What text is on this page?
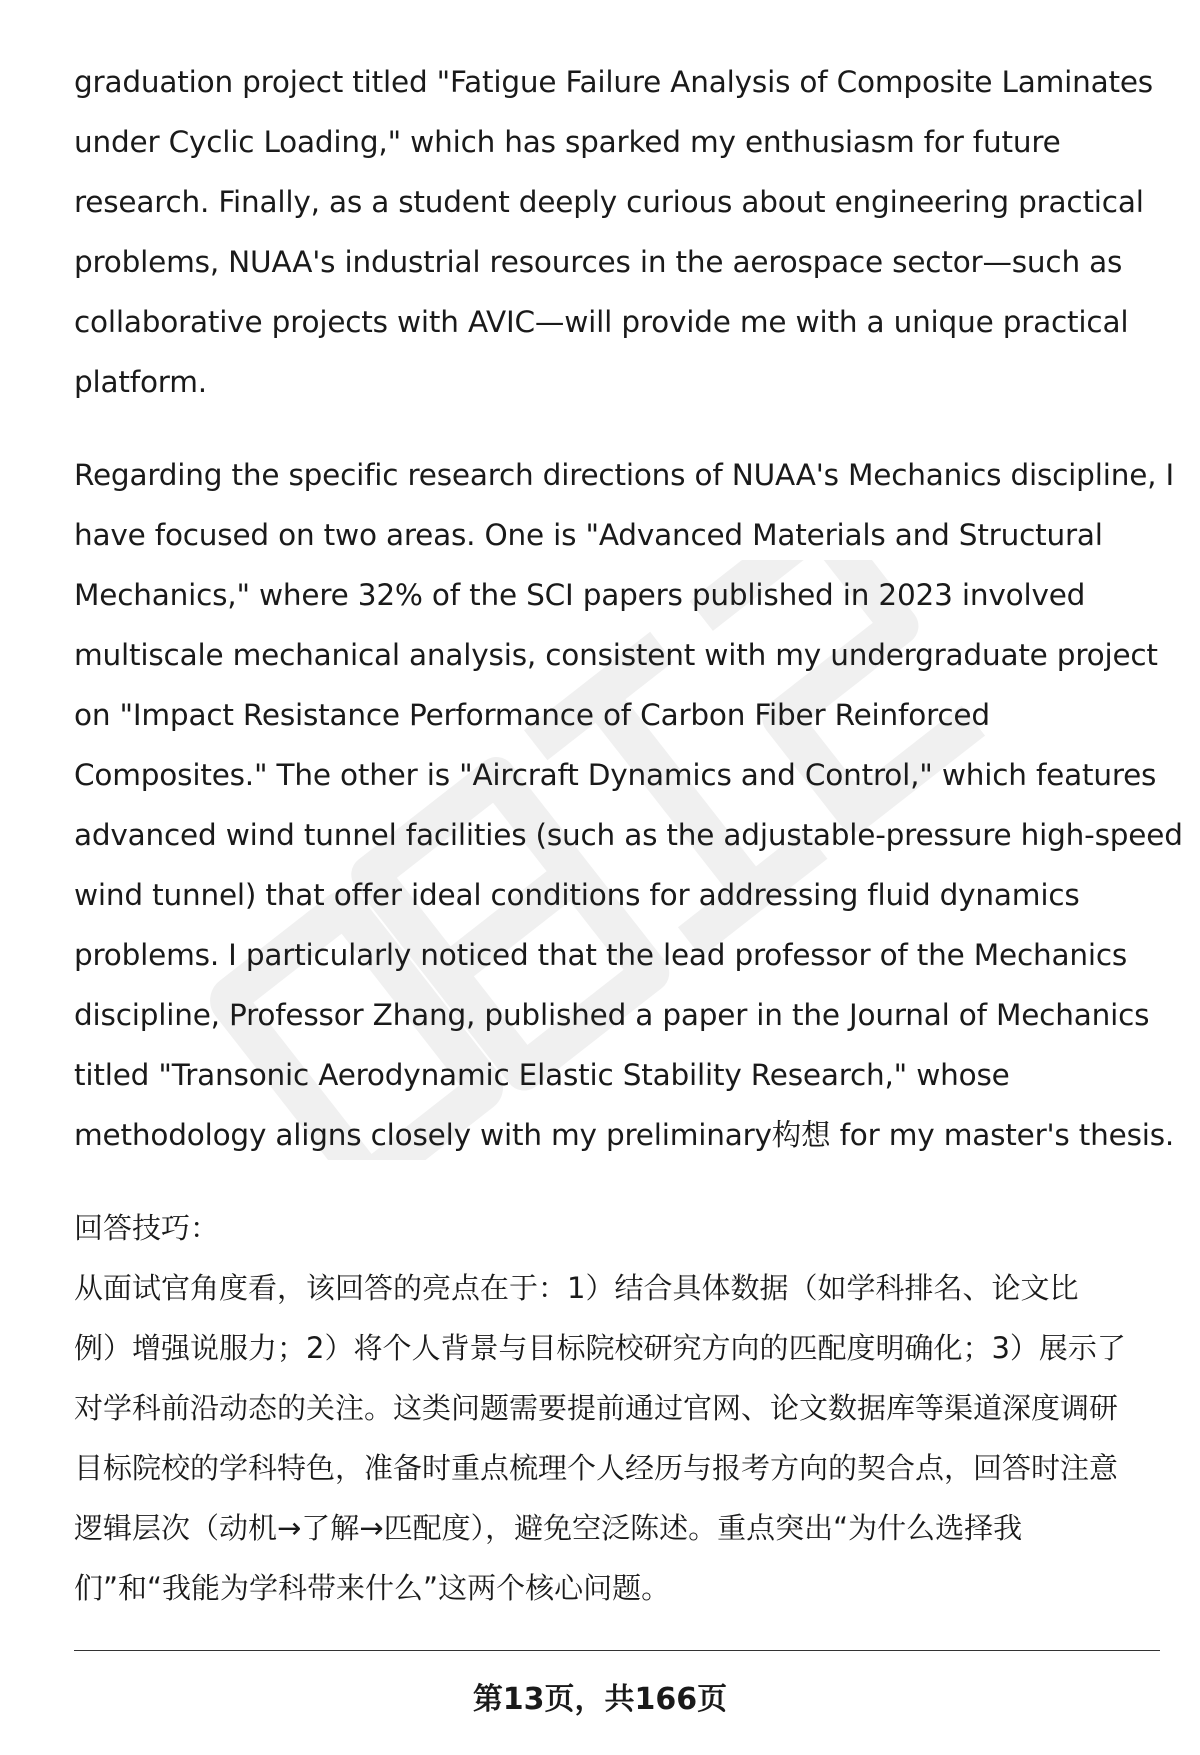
graduation project titled "Fatigue Failure Analysis of Composite Laminates
under Cyclic Loading," which has sparked my enthusiasm for future
research. Finally, as a student deeply curious about engineering practical
problems, NUAA's industrial resources in the aerospace sector—such as
collaborative projects with AVIC—will provide me with a unique practical
platform.

Regarding the specific research directions of NUAA's Mechanics discipline, I
have focused on two areas. One is "Advanced Materials and Structural
Mechanics," where 32% of the SCI papers published in 2023 involved
multiscale mechanical analysis, consistent with my undergraduate project
on "Impact Resistance Performance of Carbon Fiber Reinforced
Composites." The other is "Aircraft Dynamics and Control," which features
advanced wind tunnel facilities (such as the adjustable-pressure high-speed
wind tunnel) that offer ideal conditions for addressing fluid dynamics
problems. I particularly noticed that the lead professor of the Mechanics
discipline, Professor Zhang, published a paper in the Journal of Mechanics
titled "Transonic Aerodynamic Elastic Stability Research," whose
methodology aligns closely with my preliminary构想 for my master's thesis.

回答技巧：

从面试官角度看，该回答的亮点在于：1）结合具体数据（如学科排名、论文比
例）增强说服力；2）将个人背景与目标院校研究方向的匹配度明确化；3）展示了
对学科前沿动态的关注。这类问题需要提前通过官网、论文数据库等渠道深度调研
目标院校的学科特色，准备时重点梳理个人经历与报考方向的契合点，回答时注意
逻辑层次（动机→了解→匹配度），避免空泛陈述。重点突出“为什么选择我
们”和“我能为学科带来什么”这两个核心问题。

第13页，共166页
